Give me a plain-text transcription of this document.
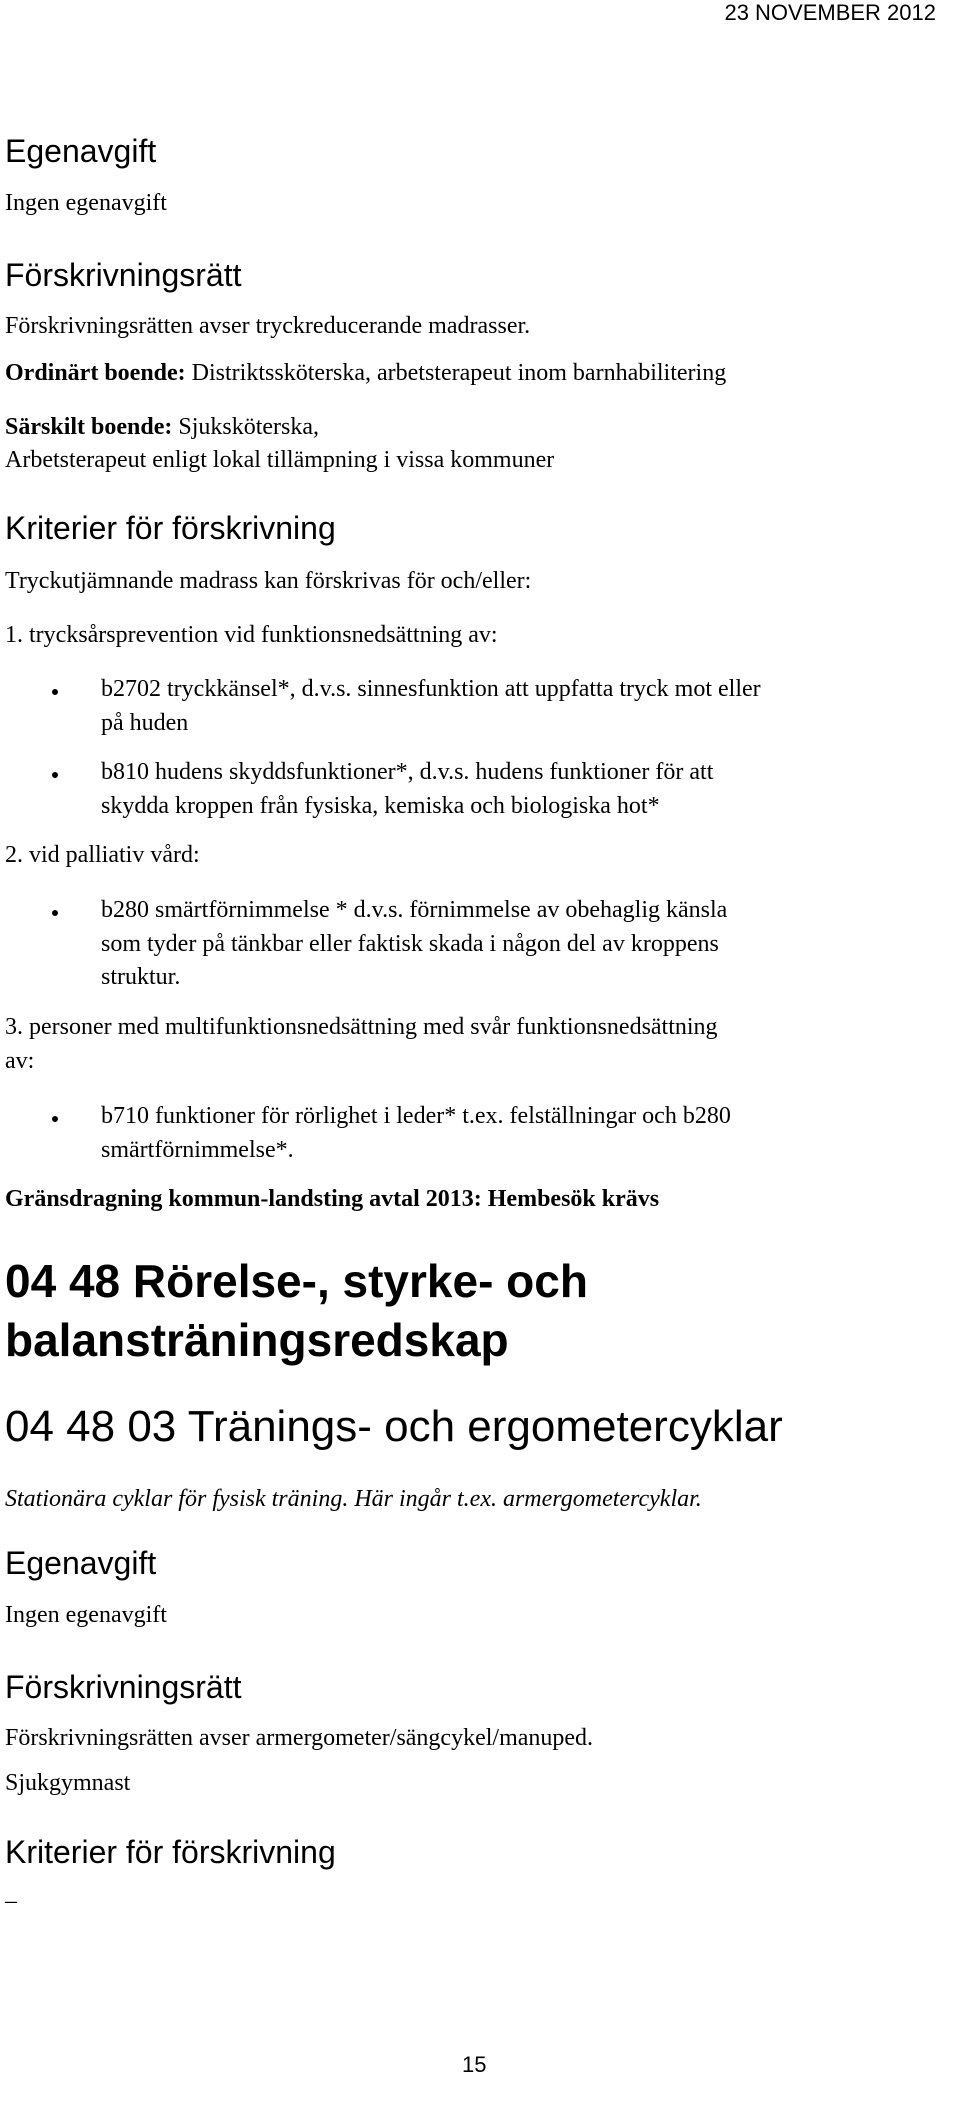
23 NOVEMBER 2012
Egenavgift
Ingen egenavgift
Förskrivningsrätt
Förskrivningsrätten avser tryckreducerande madrasser.
Ordinärt boende: Distriktssköterska, arbetsterapeut inom barnhabilitering
Särskilt boende: Sjuksköterska,
Arbetsterapeut enligt lokal tillämpning i vissa kommuner
Kriterier för förskrivning
Tryckutjämnande madrass kan förskrivas för och/eller:
1. trycksårsprevention vid funktionsnedsättning av:
b2702 tryckkänsel*, d.v.s. sinnesfunktion att uppfatta tryck mot eller
på huden
b810 hudens skyddsfunktioner*, d.v.s. hudens funktioner för att
skydda kroppen från fysiska, kemiska och biologiska hot*
2. vid palliativ vård:
b280 smärtförnimmelse * d.v.s. förnimmelse av obehaglig känsla
som tyder på tänkbar eller faktisk skada i någon del av kroppens
struktur.
3. personer med multifunktionsnedsättning med svår funktionsnedsättning
av:
b710 funktioner för rörlighet i leder* t.ex. felställningar och b280
smärtförnimmelse*.
Gränsdragning kommun-landsting avtal 2013: Hembesök krävs
04 48 Rörelse-, styrke- och
balansträningsredskap
04 48 03 Tränings- och ergometercyklar
Stationära cyklar för fysisk träning. Här ingår t.ex. armergometercyklar.
Egenavgift
Ingen egenavgift
Förskrivningsrätt
Förskrivningsrätten avser armergometer/sängcykel/manuped.
Sjukgymnast
Kriterier för förskrivning
–
15
